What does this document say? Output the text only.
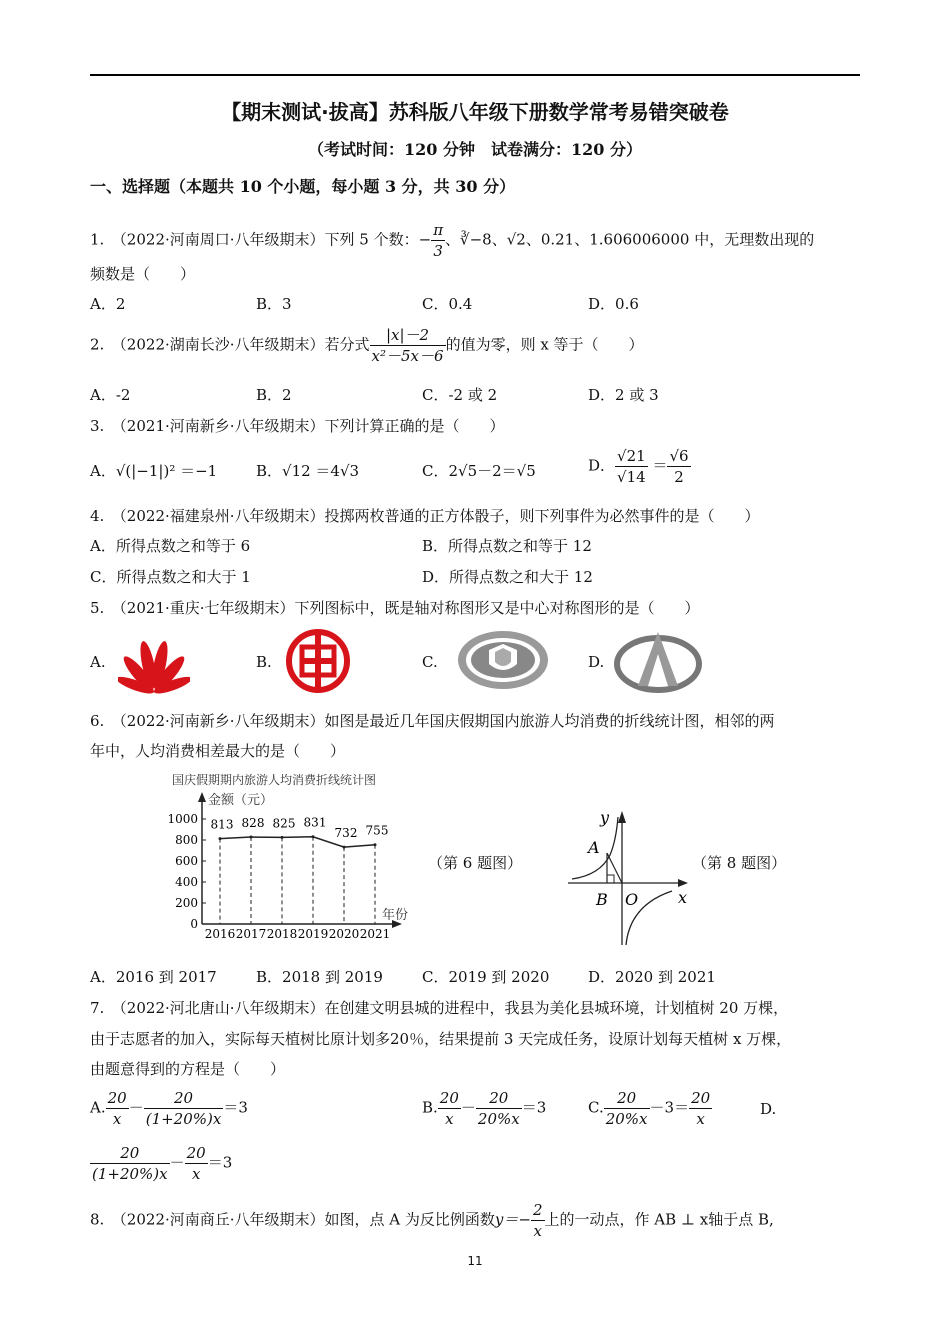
【期末测试·拔高】苏科版八年级下册数学常考易错突破卷
（考试时间：120 分钟　试卷满分：120 分）
一、选择题（本题共 10 个小题，每小题 3 分，共 30 分）
1.　（2022·河南周口·八年级期末）下列 5 个数：− $\frac{\pi}{3}$ 、∛−8、√2、0.21、1.606006000 中，无理数出现的
频数是（　　）
A．2	B．3	C．0.4	D．0.6
2.　（2022·湖南长沙·八年级期末）若分式 $\frac{|x|-2}{\text{x²－5x－6}}$ 的值为零，则 x 等于（　　）
A．-2	B．2	C．-2 或 2	D．2 或 3
3.　（2021·河南新乡·八年级期末）下列计算正确的是（　　）
A．√(|−1|)² ＝−1	B．√12 ＝4√3	C．2√5－2＝√5	D． $\frac{√21}{√14} = \frac{√6}{2}$
4.　（2022·福建泉州·八年级期末）投掷两枚普通的正方体骰子，则下列事件为必然事件的是（　　）
A．所得点数之和等于 6	B．所得点数之和等于 12
C．所得点数之和大于 1	D．所得点数之和大于 12
5.　（2021·重庆·七年级期末）下列图标中，既是轴对称图形又是中心对称图形的是（　　）
A.	B.	C.	D.
6.　（2022·河南新乡·八年级期末）如图是最近几年国庆假期国内旅游人均消费的折线统计图，相邻的两
年中，人均消费相差最大的是（　　）
国庆假期期内旅游人均消费折线统计图
金额（元）
年份
0
200
400
600
800
1000 813
2016
828
2017
825
2018
831
2019
732
2020
755
2021
（第 6 题图）
y
x
A
B O
（第 8 题图）
A．2016 到 2017	B．2018 到 2019	C．2019 到 2020	D．2020 到 2021
7.　（2022·河北唐山·八年级期末）在创建文明县城的进程中，我县为美化县城环境，计划植树 20 万棵，
由于志愿者的加入，实际每天植树比原计划多20％，结果提前 3 天完成任务，设原计划每天植树 x 万棵，
由题意得到的方程是（　　）
A. $\frac{20}{x} - \frac{20}{(1+20\%)x} =3$	B. $\frac{20}{x} - \frac{20}{20\%x} =3$	C. $\frac{20}{20\%x} -3= \frac{20}{x}$	D.
$\frac{20}{(1+20\%)x} - \frac{20}{x} =3$
8.　（2022·河南商丘·八年级期末）如图，点 A 为反比例函数$y=- \frac{2}{x}$ 上的一动点，作 AB ⊥ x轴于点 B,
11
